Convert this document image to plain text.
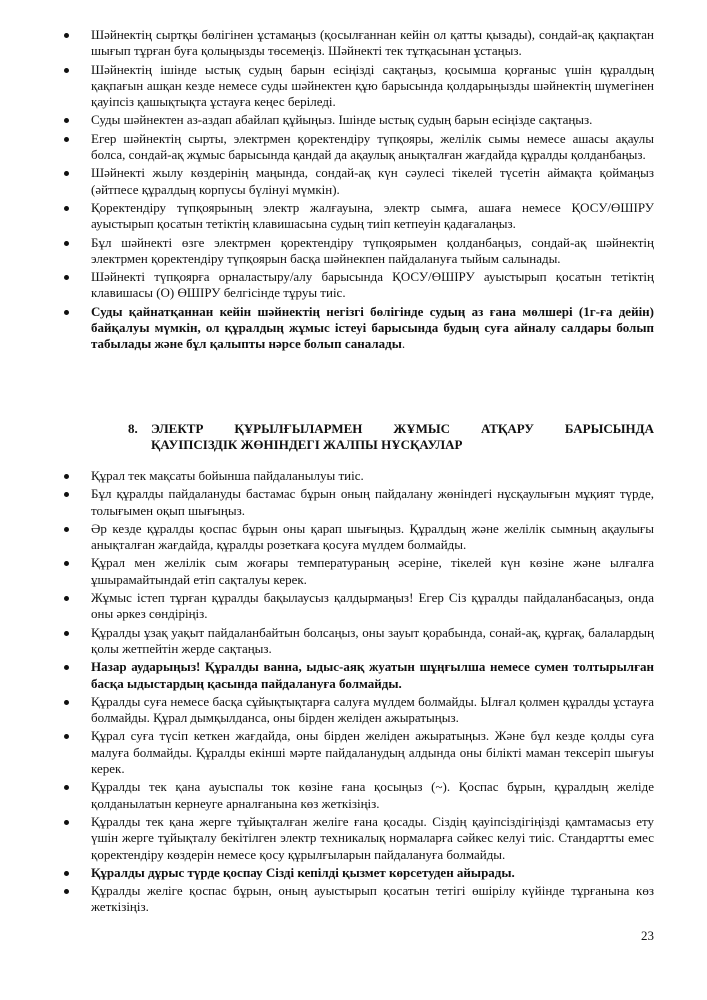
Шәйнектің сыртқы бөлігінен ұстамаңыз (қосылғаннан кейін ол қатты қызады), сондай-ақ қақпақтан шығып тұрған буға қолыңызды төсемеңіз. Шәйнекті тек тұтқасынан ұстаңыз.
Шәйнектің ішінде ыстық судың барын есіңізді сақтаңыз, қосымша қорғаныс үшін құралдың қақпағын ашқан кезде немесе суды шәйнектен құю барысында қолдарыңызды шәйнектің шүмегінен қауіпсіз қашықтықта ұстауға кеңес беріледі.
Суды шәйнектен аз-аздап абайлап құйыңыз. Ішінде ыстық судың барын есіңізде сақтаңыз.
Егер шәйнектің сырты, электрмен қоректендіру түпқояры, желілік сымы немесе ашасы ақаулы болса, сондай-ақ жұмыс барысында қандай да ақаулық анықталған жағдайда құралды қолданбаңыз.
Шәйнекті жылу көздерінің маңында, сондай-ақ күн сәулесі тікелей түсетін аймақта қоймаңыз (әйтпесе құралдың корпусы бүлінуі мүмкін).
Қоректендіру түпқоярының электр жалғауына, электр сымға, ашаға немесе ҚОСУ/ӨШІРУ ауыстырып қосатын тетіктің клавишасына судың тиіп кетпеуін қадағалаңыз.
Бұл шәйнекті өзге электрмен қоректендіру түпқоярымен қолданбаңыз, сондай-ақ шәйнектің электрмен қоректендіру түпқоярын басқа шәйнекпен пайдалануға тыйым салынады.
Шәйнекті түпқоярға орналастыру/алу барысында ҚОСУ/ӨШІРУ ауыстырып қосатын тетіктің клавишасы (О) ӨШІРУ белгісінде тұруы тиіс.
Суды қайнатқаннан кейін шәйнектің негізгі бөлігінде судың аз ғана мөлшері (1г-ға дейін) байқалуы мүмкін, ол құралдың жұмыс істеуі барысында будың суға айналу салдары болып табылады және бұл қалыпты нәрсе болып саналады.
8. ЭЛЕКТР ҚҰРЫЛҒЫЛАРМЕН ЖҰМЫС АТҚАРУ БАРЫСЫНДА
ҚАУІПСІЗДІК ЖӨНІНДЕГІ ЖАЛПЫ НҰСҚАУЛАР
Құрал тек мақсаты бойынша пайдаланылуы тиіс.
Бұл құралды пайдалануды бастамас бұрын оның пайдалану жөніндегі нұсқаулығын мұқият түрде, толығымен оқып шығыңыз.
Әр кезде құралды қоспас бұрын оны қарап шығыңыз. Құралдың және желілік сымның ақаулығы анықталған жағдайда, құралды розеткаға қосуға мүлдем болмайды.
Құрал мен желілік сым жоғары температураның әсеріне, тікелей күн көзіне және ылғалға ұшырамайтындай етіп сақталуы керек.
Жұмыс істеп тұрған құралды бақылаусыз қалдырмаңыз! Егер Сіз құралды пайдаланбасаңыз, онда оны әркез сөндіріңіз.
Құралды ұзақ уақыт пайдаланбайтын болсаңыз, оны зауыт қорабында, сонай-ақ, құрғақ, балалардың қолы жетпейтін жерде сақтаңыз.
Назар аударыңыз! Құралды ванна, ыдыс-аяқ жуатын шұңғылша немесе сумен толтырылған басқа ыдыстардың қасында пайдалануға болмайды.
Құралды суға немесе басқа сұйықтықтарға салуға мүлдем болмайды. Ылғал қолмен құралды ұстауға болмайды. Құрал дымқылданса, оны бірден желіден ажыратыңыз.
Құрал суға түсіп кеткен жағдайда, оны бірден желіден ажыратыңыз. Және бұл кезде қолды суға малуға болмайды. Құралды екінші мәрте пайдаланудың алдында оны білікті маман тексеріп шығуы керек.
Құралды тек қана ауыспалы ток көзіне ғана қосыңыз (~). Қоспас бұрын, құралдың желіде қолданылатын кернеуге арналғанына көз жеткізіңіз.
Құралды тек қана жерге тұйықталған желіге ғана қосады. Сіздің қауіпсіздігіңізді қамтамасыз ету үшін жерге тұйықталу бекітілген электр техникалық нормаларға сәйкес келуі тиіс. Стандартты емес қоректендіру көздерін немесе қосу құрылғыларын пайдалануға болмайды.
Құралды дұрыс түрде қоспау Сізді кепілді қызмет көрсетуден айырады.
Құралды желіге қоспас бұрын, оның ауыстырып қосатын тетігі өшірілу күйінде тұрғанына көз жеткізіңіз.
23
